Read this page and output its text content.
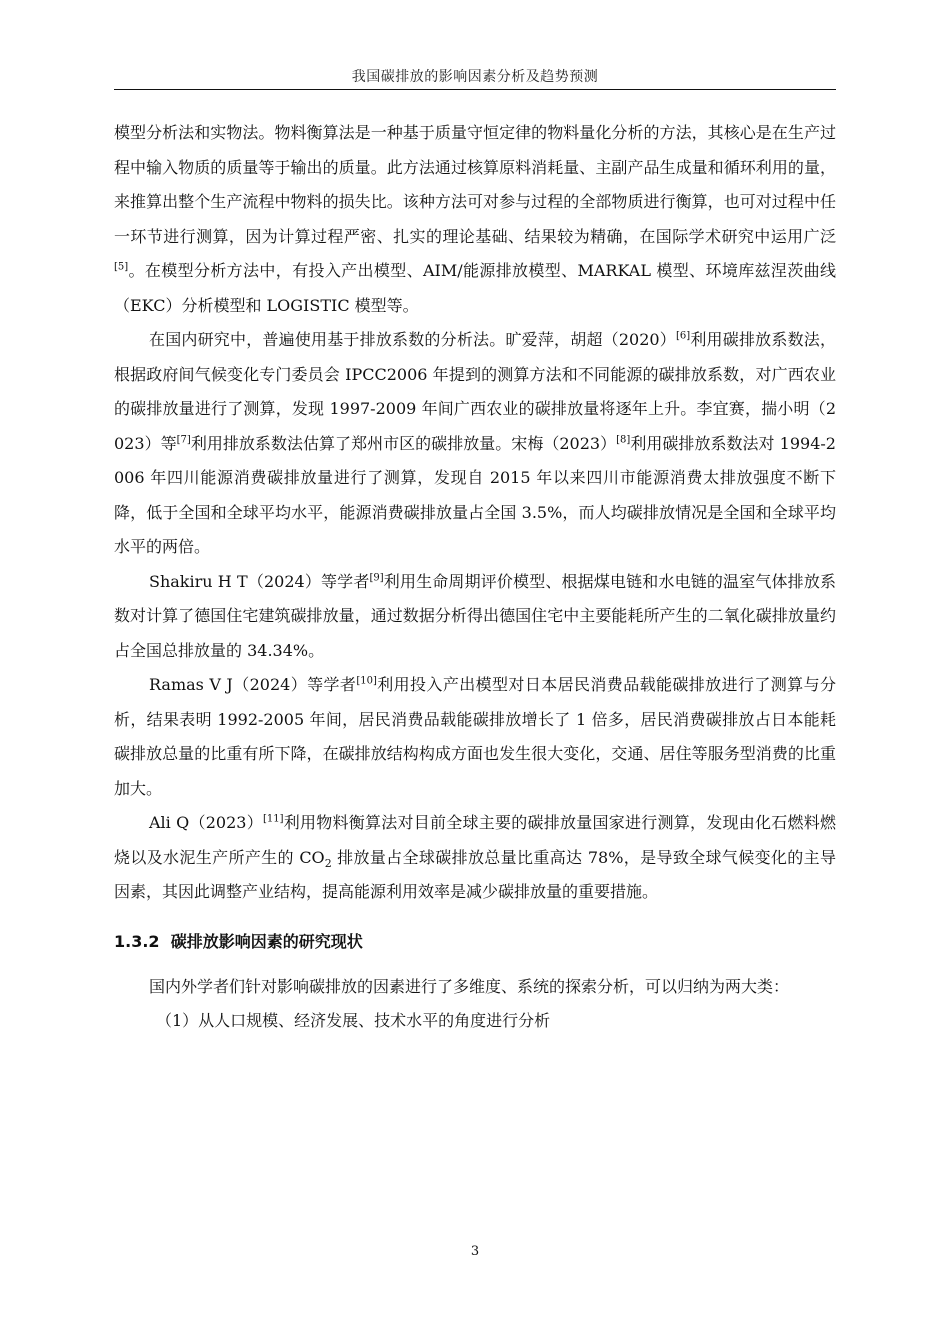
我国碳排放的影响因素分析及趋势预测

模型分析法和实物法。物料衡算法是一种基于质量守恒定律的物料量化分析的方法，其核心是在生产过程中输入物质的质量等于输出的质量。此方法通过核算原料消耗量、主副产品生成量和循环利用的量，来推算出整个生产流程中物料的损失比。该种方法可对参与过程的全部物质进行衡算，也可对过程中任一环节进行测算，因为计算过程严密、扎实的理论基础、结果较为精确，在国际学术研究中运用广泛[5]。在模型分析方法中，有投入产出模型、AIM/能源排放模型、MARKAL 模型、环境库兹涅茨曲线（EKC）分析模型和 LOGISTIC 模型等。

在国内研究中，普遍使用基于排放系数的分析法。旷爱萍，胡超（2020）[6]利用碳排放系数法，根据政府间气候变化专门委员会 IPCC2006 年提到的测算方法和不同能源的碳排放系数，对广西农业的碳排放量进行了测算，发现 1997-2009 年间广西农业的碳排放量将逐年上升。李宜赛，揣小明（2023）等[7]利用排放系数法估算了郑州市区的碳排放量。宋梅（2023）[8]利用碳排放系数法对 1994-2006 年四川能源消费碳排放量进行了测算，发现自 2015 年以来四川市能源消费太排放强度不断下降，低于全国和全球平均水平，能源消费碳排放量占全国 3.5%，而人均碳排放情况是全国和全球平均水平的两倍。

Shakiru H T（2024）等学者[9]利用生命周期评价模型、根据煤电链和水电链的温室气体排放系数对计算了德国住宅建筑碳排放量，通过数据分析得出德国住宅中主要能耗所产生的二氧化碳排放量约占全国总排放量的 34.34%。

Ramas V J（2024）等学者[10]利用投入产出模型对日本居民消费品载能碳排放进行了测算与分析，结果表明 1992-2005 年间，居民消费品载能碳排放增长了 1 倍多，居民消费碳排放占日本能耗碳排放总量的比重有所下降，在碳排放结构构成方面也发生很大变化，交通、居住等服务型消费的比重加大。

Ali Q（2023）[11]利用物料衡算法对目前全球主要的碳排放量国家进行测算，发现由化石燃料燃烧以及水泥生产所产生的 $CO_2$ 排放量占全球碳排放总量比重高达 78%，是导致全球气候变化的主导因素，其因此调整产业结构，提高能源利用效率是减少碳排放量的重要措施。

1.3.2 碳排放影响因素的研究现状

国内外学者们针对影响碳排放的因素进行了多维度、系统的探索分析，可以归纳为两大类：

（1）从人口规模、经济发展、技术水平的角度进行分析

3
